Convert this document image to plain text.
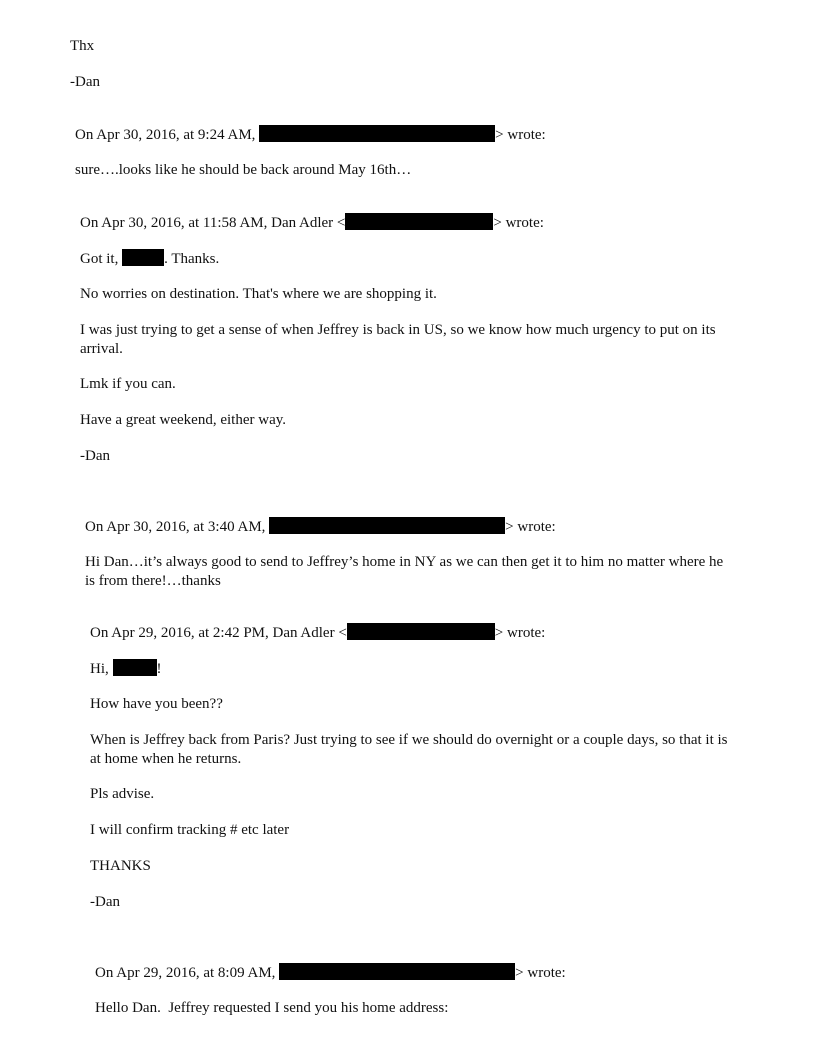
Thx

-Dan

On Apr 30, 2016, at 9:24 AM,	> wrote:

sure….looks like he should be back around May 16th…

On Apr 30, 2016, at 11:58 AM, Dan Adler <	> wrote:

Got it,	. Thanks.

No worries on destination. That's where we are shopping it.

I was just trying to get a sense of when Jeffrey is back in US, so we know how much urgency to put on its arrival.

Lmk if you can.

Have a great weekend, either way.

-Dan

On Apr 30, 2016, at 3:40 AM,	> wrote:

Hi Dan…it’s always good to send to Jeffrey’s home in NY as we can then get it to him no matter where he is from there!…thanks

On Apr 29, 2016, at 2:42 PM, Dan Adler <	> wrote:

Hi,	!

How have you been??

When is Jeffrey back from Paris? Just trying to see if we should do overnight or a couple days, so that it is at home when he returns.

Pls advise.

I will confirm tracking # etc later

THANKS

-Dan

On Apr 29, 2016, at 8:09 AM,	> wrote:

Hello Dan.  Jeffrey requested I send you his home address:
